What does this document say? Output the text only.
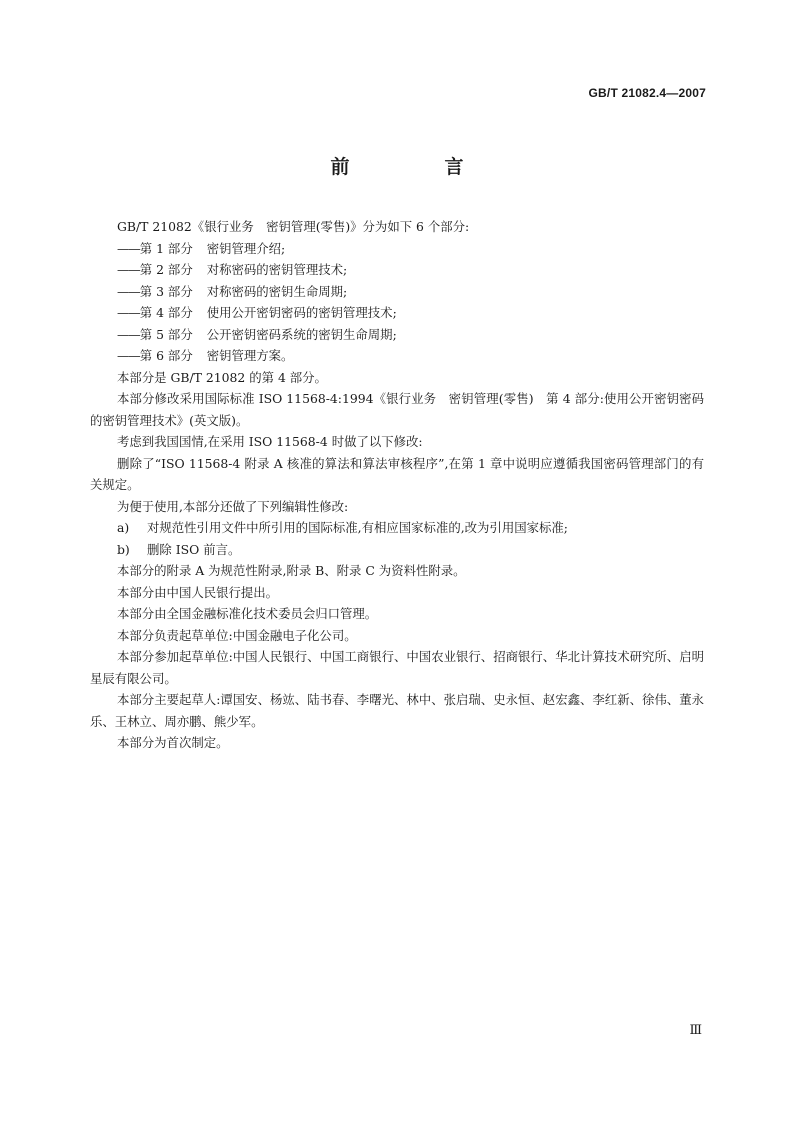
GB/T 21082.4—2007
前　言

GB/T 21082《银行业务　密钥管理(零售)》分为如下 6 个部分:

——第 1 部分 密钥管理介绍;

——第 2 部分 对称密码的密钥管理技术;

——第 3 部分 对称密码的密钥生命周期;

——第 4 部分 使用公开密钥密码的密钥管理技术;

——第 5 部分 公开密钥密码系统的密钥生命周期;

——第 6 部分 密钥管理方案。

本部分是 GB/T 21082 的第 4 部分。

本部分修改采用国际标准 ISO 11568-4:1994《银行业务　密钥管理(零售)　第 4 部分:使用公开密钥密码的密钥管理技术》(英文版)。

考虑到我国国情,在采用 ISO 11568-4 时做了以下修改:

删除了“ISO 11568-4 附录 A 核准的算法和算法审核程序”,在第 1 章中说明应遵循我国密码管理部门的有关规定。

为便于使用,本部分还做了下列编辑性修改:

a) 对规范性引用文件中所引用的国际标准,有相应国家标准的,改为引用国家标准;

b) 删除 ISO 前言。

本部分的附录 A 为规范性附录,附录 B、附录 C 为资料性附录。

本部分由中国人民银行提出。

本部分由全国金融标准化技术委员会归口管理。

本部分负责起草单位:中国金融电子化公司。

本部分参加起草单位:中国人民银行、中国工商银行、中国农业银行、招商银行、华北计算技术研究所、启明星辰有限公司。

本部分主要起草人:谭国安、杨竑、陆书春、李曙光、林中、张启瑞、史永恒、赵宏鑫、李红新、徐伟、董永乐、王林立、周亦鹏、熊少军。

本部分为首次制定。

Ⅲ
